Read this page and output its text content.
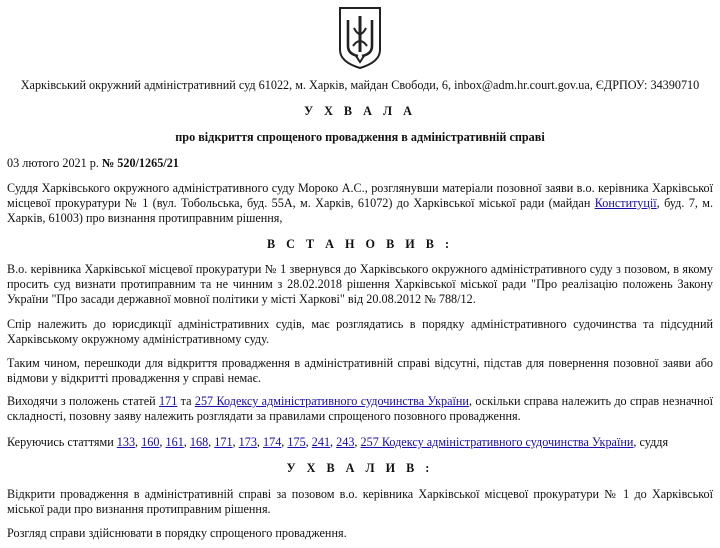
Харківський окружний адміністративний суд 61022, м. Харків, майдан Свободи, 6, inbox@adm.hr.court.gov.ua, ЄДРПОУ: 34390710
У Х В А Л А
про відкриття спрощеного провадження в адміністративній справі
03 лютого 2021 р. № 520/1265/21
Суддя Харківського окружного адміністративного суду Мороко А.С., розглянувши матеріали позовної заяви в.о. керівника Харківської місцевої прокуратури № 1 (вул. Тобольська, буд. 55А, м. Харків, 61072) до Харківської міської ради (майдан Конституції, буд. 7, м. Харків, 61003) про визнання протиправним рішення,
В С Т А Н О В И В :
В.о. керівника Харківської місцевої прокуратури № 1 звернувся до Харківського окружного адміністративного суду з позовом, в якому просить суд визнати протиправним та не чинним з 28.02.2018 рішення Харківської міської ради "Про реалізацію положень Закону України "Про засади державної мовної політики у місті Харкові" від 20.08.2012 № 788/12.
Спір належить до юрисдикції адміністративних судів, має розглядатись в порядку адміністративного судочинства та підсудний Харківському окружному адміністративному суду.
Таким чином, перешкоди для відкриття провадження в адміністративній справі відсутні, підстав для повернення позовної заяви або відмови у відкритті провадження у справі немає.
Виходячи з положень статей 171 та 257 Кодексу адміністративного судочинства України, оскільки справа належить до справ незначної складності, позовну заяву належить розглядати за правилами спрощеного позовного провадження.
Керуючись статтями 133, 160, 161, 168, 171, 173, 174, 175, 241, 243, 257 Кодексу адміністративного судочинства України, суддя
У Х В А Л И В :
Відкрити провадження в адміністративній справі за позовом в.о. керівника Харківської місцевої прокуратури № 1 до Харківської міської ради про визнання протиправним рішення.
Розгляд справи здійснювати в порядку спрощеного провадження.
